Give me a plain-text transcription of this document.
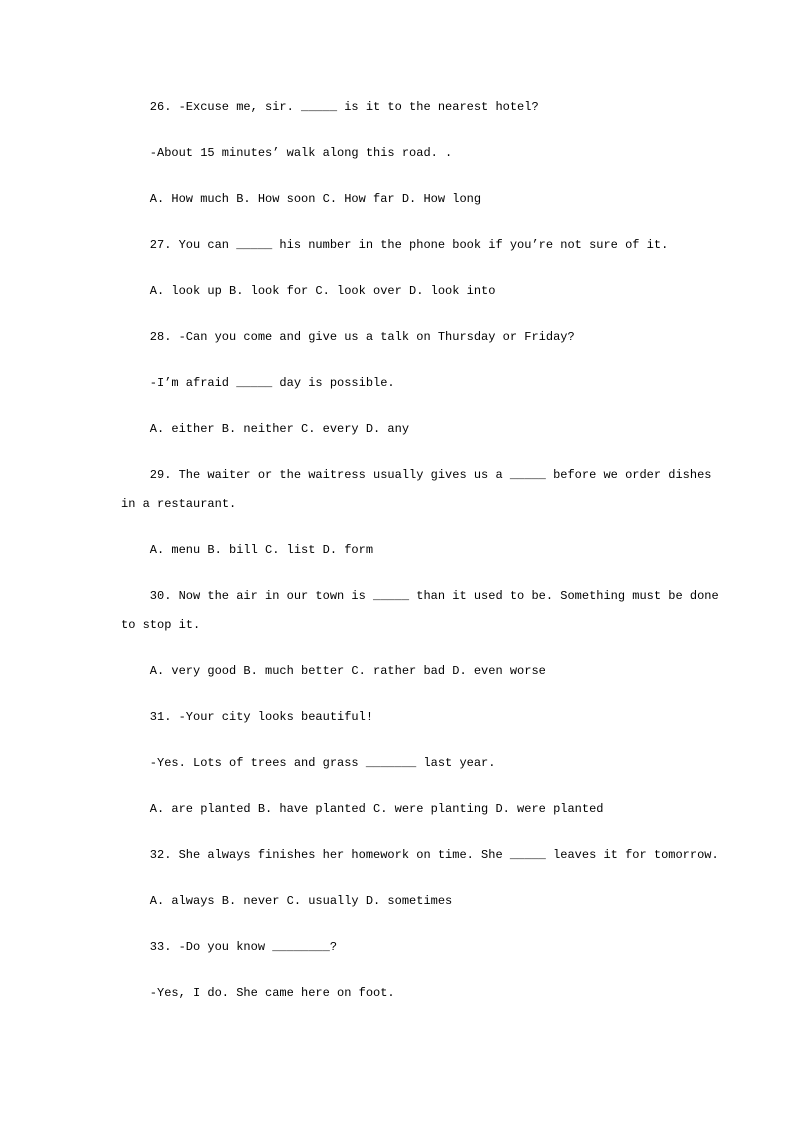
26. -Excuse me, sir. _____ is it to the nearest hotel?

-About 15 minutes’ walk along this road. .

A. How much B. How soon C. How far D. How long

27. You can _____ his number in the phone book if you’re not sure of it.

A. look up B. look for C. look over D. look into

28. -Can you come and give us a talk on Thursday or Friday?

-I’m afraid _____ day is possible.

A. either B. neither C. every D. any

29. The waiter or the waitress usually gives us a _____ before we order dishes in a restaurant.

A. menu B. bill C. list D. form

30. Now the air in our town is _____ than it used to be. Something must be done to stop it.

A. very good B. much better C. rather bad D. even worse

31. -Your city looks beautiful!

-Yes. Lots of trees and grass _______ last year.

A. are planted B. have planted C. were planting D. were planted

32. She always finishes her homework on time. She _____ leaves it for tomorrow.

A. always B. never C. usually D. sometimes

33. -Do you know ________?

-Yes, I do. She came here on foot.
